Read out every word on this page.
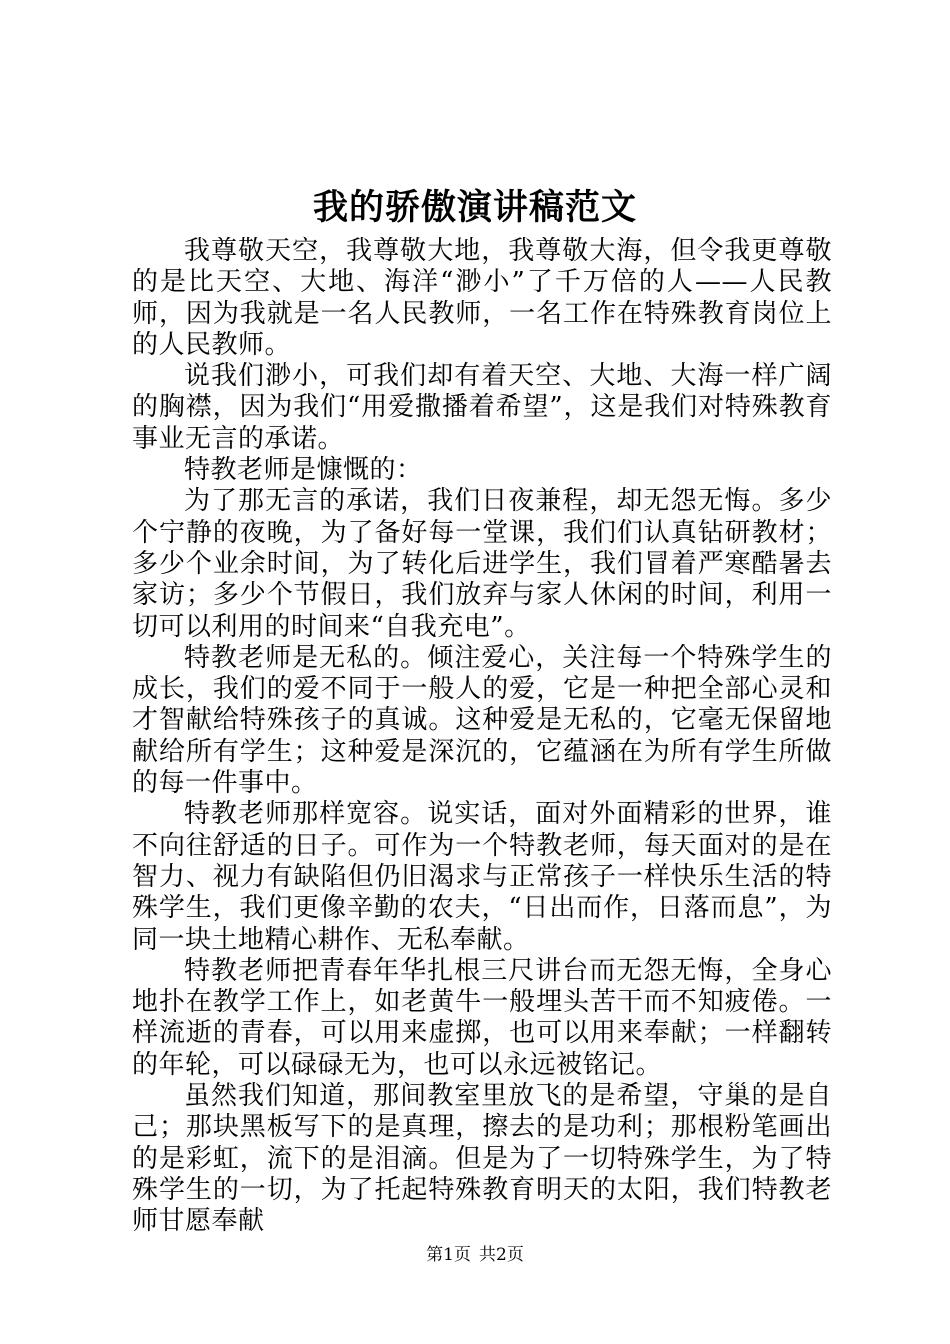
我的骄傲演讲稿范文

我尊敬天空，我尊敬大地，我尊敬大海，但令我更尊敬的是比天空、大地、海洋“渺小”了千万倍的人——人民教师，因为我就是一名人民教师，一名工作在特殊教育岗位上的人民教师。

说我们渺小，可我们却有着天空、大地、大海一样广阔的胸襟，因为我们“用爱撒播着希望”，这是我们对特殊教育事业无言的承诺。

特教老师是慷慨的：

为了那无言的承诺，我们日夜兼程，却无怨无悔。多少个宁静的夜晚，为了备好每一堂课，我们们认真钻研教材；多少个业余时间，为了转化后进学生，我们冒着严寒酷暑去家访；多少个节假日，我们放弃与家人休闲的时间，利用一切可以利用的时间来“自我充电”。

特教老师是无私的。倾注爱心，关注每一个特殊学生的成长，我们的爱不同于一般人的爱，它是一种把全部心灵和才智献给特殊孩子的真诚。这种爱是无私的，它毫无保留地献给所有学生；这种爱是深沉的，它蕴涵在为所有学生所做的每一件事中。

特教老师那样宽容。说实话，面对外面精彩的世界，谁不向往舒适的日子。可作为一个特教老师，每天面对的是在智力、视力有缺陷但仍旧渴求与正常孩子一样快乐生活的特殊学生，我们更像辛勤的农夫，“日出而作，日落而息”，为同一块土地精心耕作、无私奉献。

特教老师把青春年华扎根三尺讲台而无怨无悔，全身心地扑在教学工作上，如老黄牛一般埋头苦干而不知疲倦。一样流逝的青春，可以用来虚掷，也可以用来奉献；一样翻转的年轮，可以碌碌无为，也可以永远被铭记。

虽然我们知道，那间教室里放飞的是希望，守巢的是自己；那块黑板写下的是真理，擦去的是功利；那根粉笔画出的是彩虹，流下的是泪滴。但是为了一切特殊学生，为了特殊学生的一切，为了托起特殊教育明天的太阳，我们特教老师甘愿奉献

第1页 共2页
